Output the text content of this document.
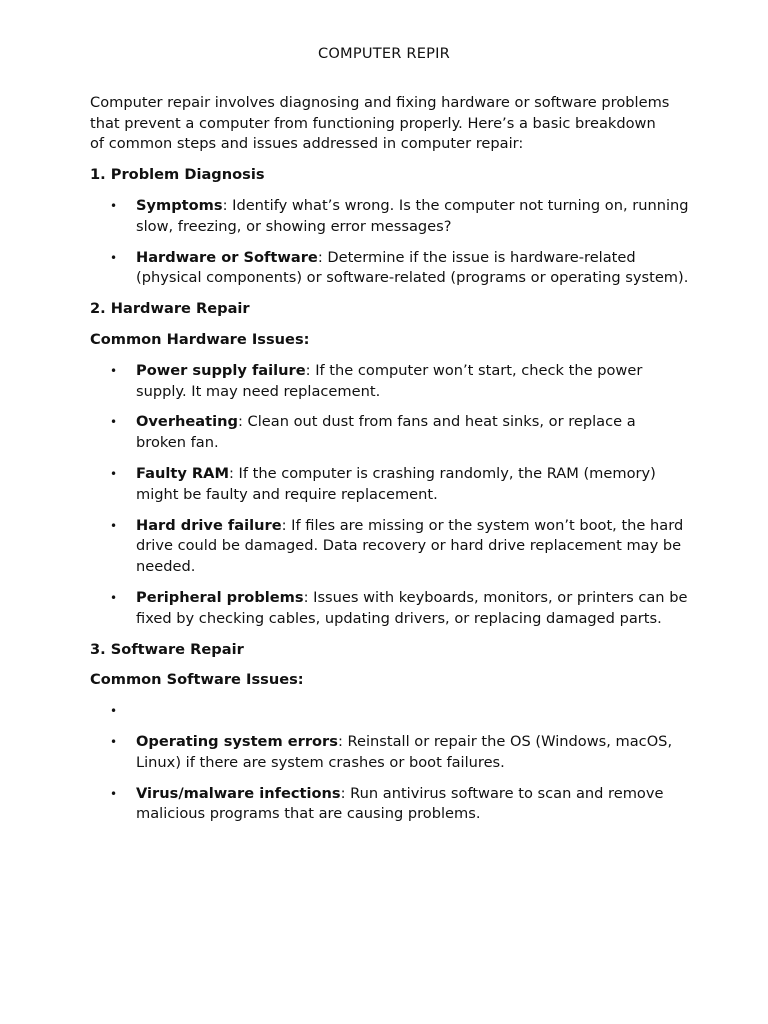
COMPUTER REPIR

Computer repair involves diagnosing and fixing hardware or software problems that prevent a computer from functioning properly. Here’s a basic breakdown of common steps and issues addressed in computer repair:

1. Problem Diagnosis

• Symptoms: Identify what’s wrong. Is the computer not turning on, running slow, freezing, or showing error messages?
• Hardware or Software: Determine if the issue is hardware-related (physical components) or software-related (programs or operating system).

2. Hardware Repair

Common Hardware Issues:

• Power supply failure: If the computer won’t start, check the power supply. It may need replacement.
• Overheating: Clean out dust from fans and heat sinks, or replace a broken fan.
• Faulty RAM: If the computer is crashing randomly, the RAM (memory) might be faulty and require replacement.
• Hard drive failure: If files are missing or the system won’t boot, the hard drive could be damaged. Data recovery or hard drive replacement may be needed.
• Peripheral problems: Issues with keyboards, monitors, or printers can be fixed by checking cables, updating drivers, or replacing damaged parts.

3. Software Repair

Common Software Issues:

•

• Operating system errors: Reinstall or repair the OS (Windows, macOS, Linux) if there are system crashes or boot failures.
• Virus/malware infections: Run antivirus software to scan and remove malicious programs that are causing problems.
